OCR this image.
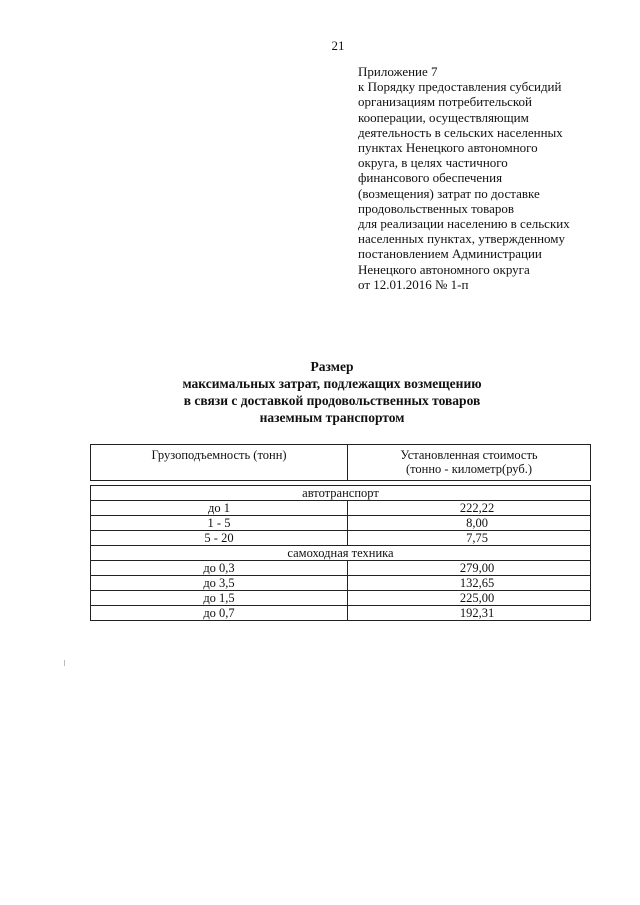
21
Приложение 7
к Порядку предоставления субсидий
организациям потребительской
кооперации, осуществляющим
деятельность в сельских населенных
пунктах Ненецкого автономного
округа, в целях частичного
финансового обеспечения
(возмещения) затрат по доставке
продовольственных товаров
для реализации населению в сельских
населенных пунктах, утвержденному
постановлением Администрации
Ненецкого автономного округа
от 12.01.2016 № 1-п
Размер
максимальных затрат, подлежащих возмещению
в связи с доставкой продовольственных товаров
наземным транспортом
Грузоподъемность (тонн)	Установленная стоимость
(тонно - километр(руб.)

автотранспорт	
до 1	222,22
1 - 5	8,00
5 - 20	7,75
самоходная техника	
до 0,3	279,00
до 3,5	132,65
до 1,5	225,00
до 0,7	192,31
